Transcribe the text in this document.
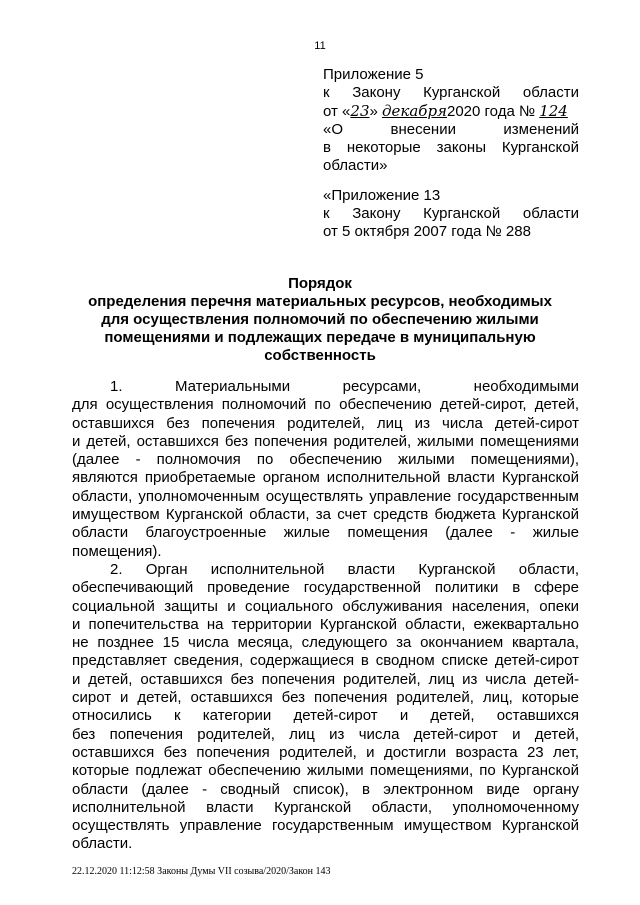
11
Приложение 5
к Закону Курганской области
от «23» декабря2020 года № 124
«О внесении изменений
в некоторые законы Курганской
области»
«Приложение 13
к Закону Курганской области
от 5 октября 2007 года № 288
Порядок
определения перечня материальных ресурсов, необходимых
для осуществления полномочий по обеспечению жилыми
помещениями и подлежащих передаче в муниципальную
собственность
1. Материальными ресурсами, необходимыми
для осуществления полномочий по обеспечению детей-сирот, детей,
оставшихся без попечения родителей, лиц из числа детей-сирот
и детей, оставшихся без попечения родителей, жилыми помещениями
(далее - полномочия по обеспечению жилыми помещениями),
являются приобретаемые органом исполнительной власти Курганской
области, уполномоченным осуществлять управление государственным
имуществом Курганской области, за счет средств бюджета Курганской
области благоустроенные жилые помещения (далее - жилые
помещения).
2. Орган исполнительной власти Курганской области,
обеспечивающий проведение государственной политики в сфере
социальной защиты и социального обслуживания населения, опеки
и попечительства на территории Курганской области, ежеквартально
не позднее 15 числа месяца, следующего за окончанием квартала,
представляет сведения, содержащиеся в сводном списке детей-сирот
и детей, оставшихся без попечения родителей, лиц из числа детей-
сирот и детей, оставшихся без попечения родителей, лиц, которые
относились к категории детей-сирот и детей, оставшихся
без попечения родителей, лиц из числа детей-сирот и детей,
оставшихся без попечения родителей, и достигли возраста 23 лет,
которые подлежат обеспечению жилыми помещениями, по Курганской
области (далее - сводный список), в электронном виде органу
исполнительной власти Курганской области, уполномоченному
осуществлять управление государственным имуществом Курганской
области.
22.12.2020 11:12:58 Законы Думы VII созыва/2020/Закон 143
